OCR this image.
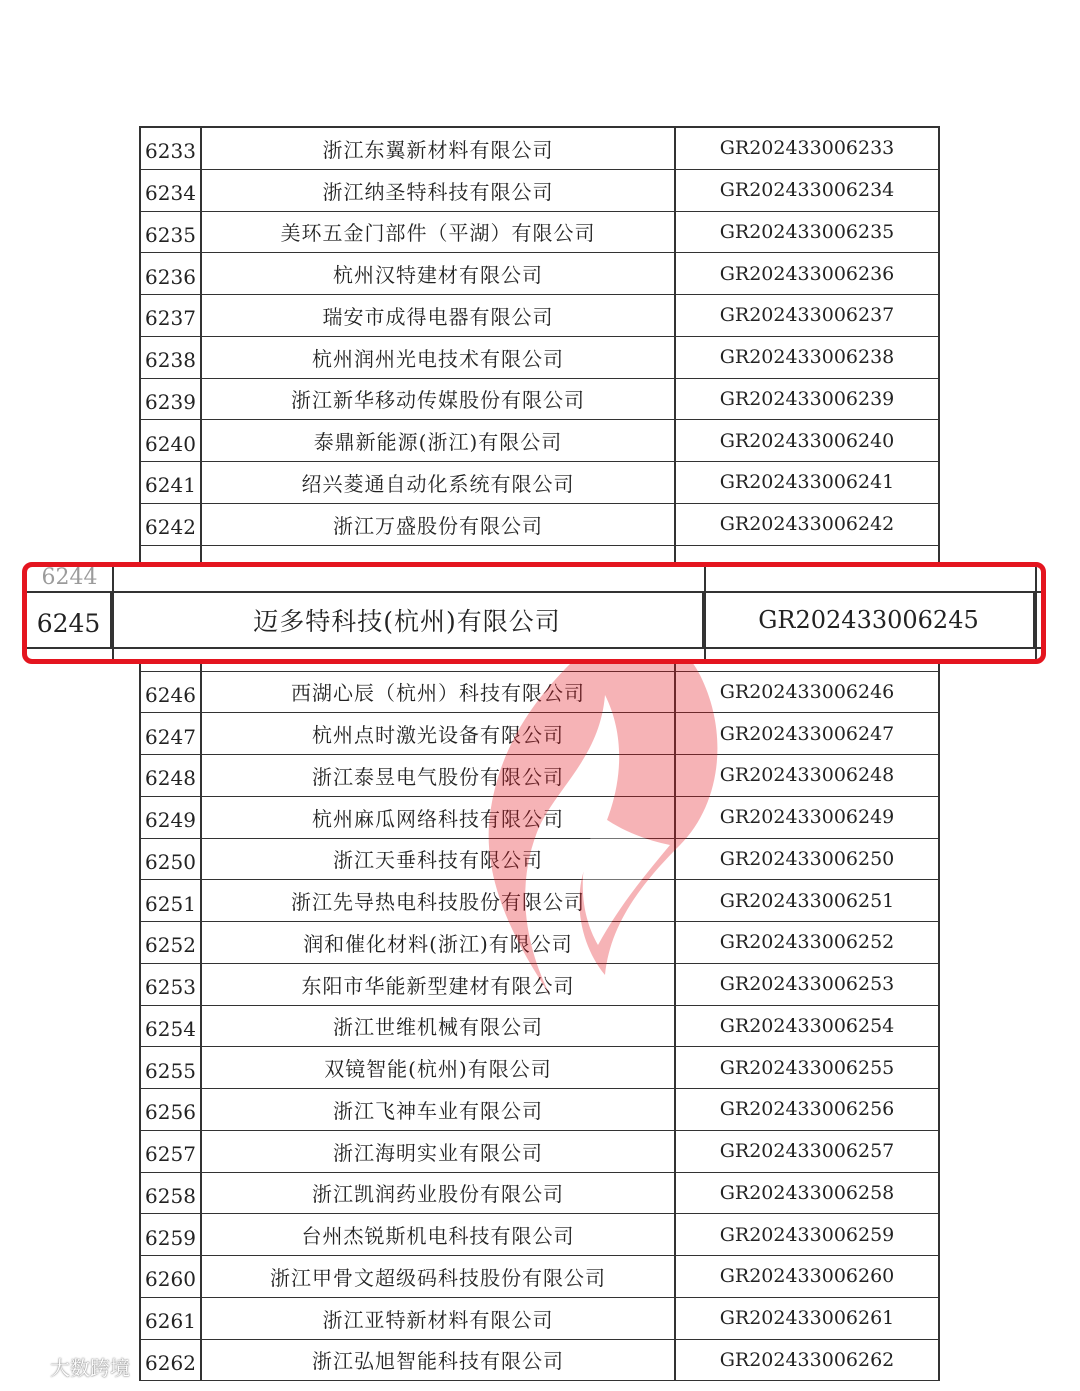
6233	浙江东翼新材料有限公司	GR202433006233
6234	浙江纳圣特科技有限公司	GR202433006234
6235	美环五金门部件（平湖）有限公司	GR202433006235
6236	杭州汉特建材有限公司	GR202433006236
6237	瑞安市成得电器有限公司	GR202433006237
6238	杭州润州光电技术有限公司	GR202433006238
6239	浙江新华移动传媒股份有限公司	GR202433006239
6240	泰鼎新能源(浙江)有限公司	GR202433006240
6241	绍兴菱通自动化系统有限公司	GR202433006241
6242	浙江万盛股份有限公司	GR202433006242
6246	西湖心辰（杭州）科技有限公司	GR202433006246
6247	杭州点时激光设备有限公司	GR202433006247
6248	浙江泰昱电气股份有限公司	GR202433006248
6249	杭州麻瓜网络科技有限公司	GR202433006249
6250	浙江天垂科技有限公司	GR202433006250
6251	浙江先导热电科技股份有限公司	GR202433006251
6252	润和催化材料(浙江)有限公司	GR202433006252
6253	东阳市华能新型建材有限公司	GR202433006253
6254	浙江世维机械有限公司	GR202433006254
6255	双镜智能(杭州)有限公司	GR202433006255
6256	浙江飞神车业有限公司	GR202433006256
6257	浙江海明实业有限公司	GR202433006257
6258	浙江凯润药业股份有限公司	GR202433006258
6259	台州杰锐斯机电科技有限公司	GR202433006259
6260	浙江甲骨文超级码科技股份有限公司	GR202433006260
6261	浙江亚特新材料有限公司	GR202433006261
6262	浙江弘旭智能科技有限公司	GR202433006262
6244
6245	迈多特科技(杭州)有限公司	GR202433006245
大数跨境
